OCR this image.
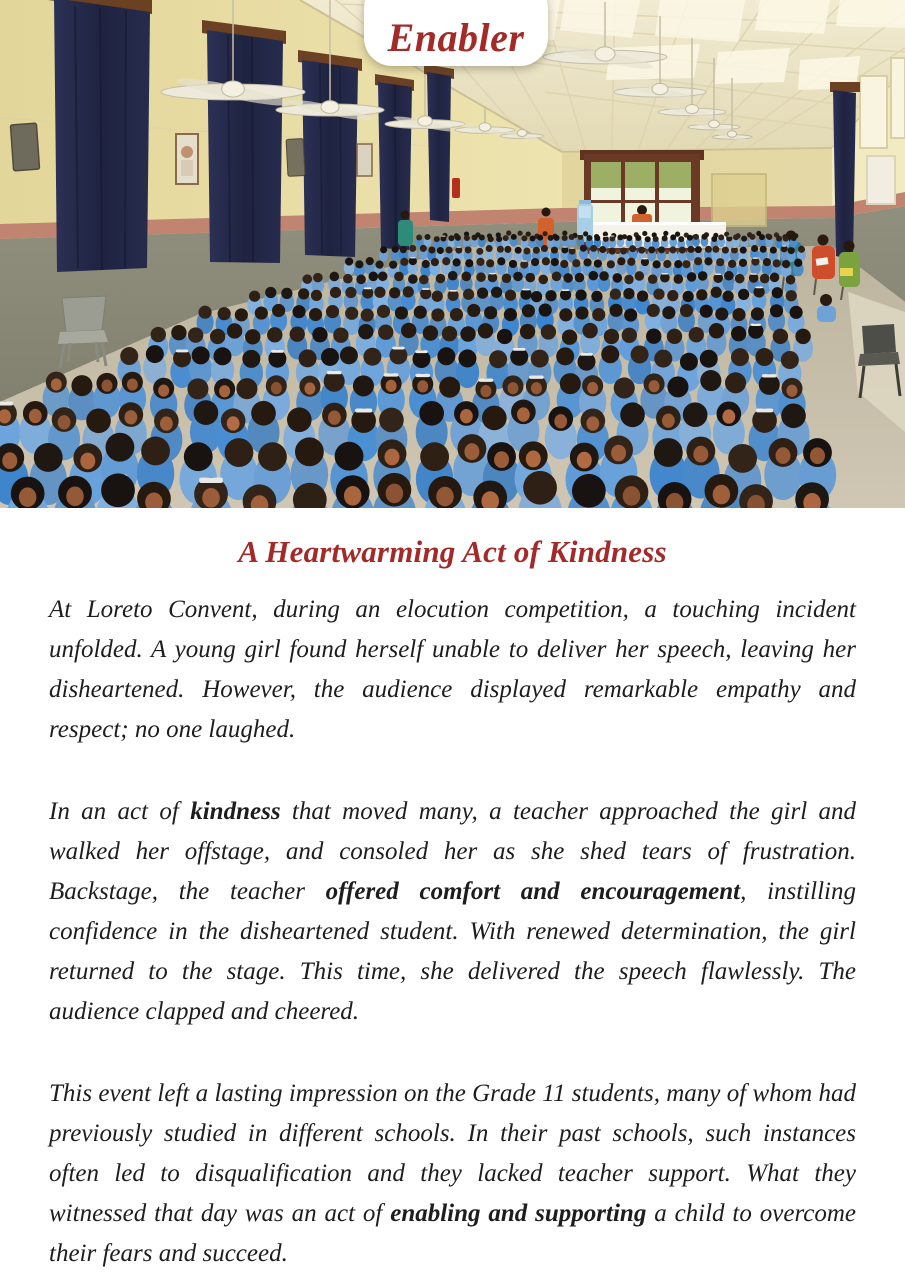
Enabler
A Heartwarming Act of Kindness

At Loreto Convent, during an elocution competition, a touching incident unfolded. A young girl found herself unable to deliver her speech, leaving her disheartened. However, the audience displayed remarkable empathy and respect; no one laughed.

In an act of kindness that moved many, a teacher approached the girl and walked her offstage, and consoled her as she shed tears of frustration. Backstage, the teacher offered comfort and encouragement, instilling confidence in the disheartened student. With renewed determination, the girl returned to the stage. This time, she delivered the speech flawlessly. The audience clapped and cheered.

This event left a lasting impression on the Grade 11 students, many of whom had previously studied in different schools. In their past schools, such instances often led to disqualification and they lacked teacher support. What they witnessed that day was an act of enabling and supporting a child to overcome their fears and succeed.
